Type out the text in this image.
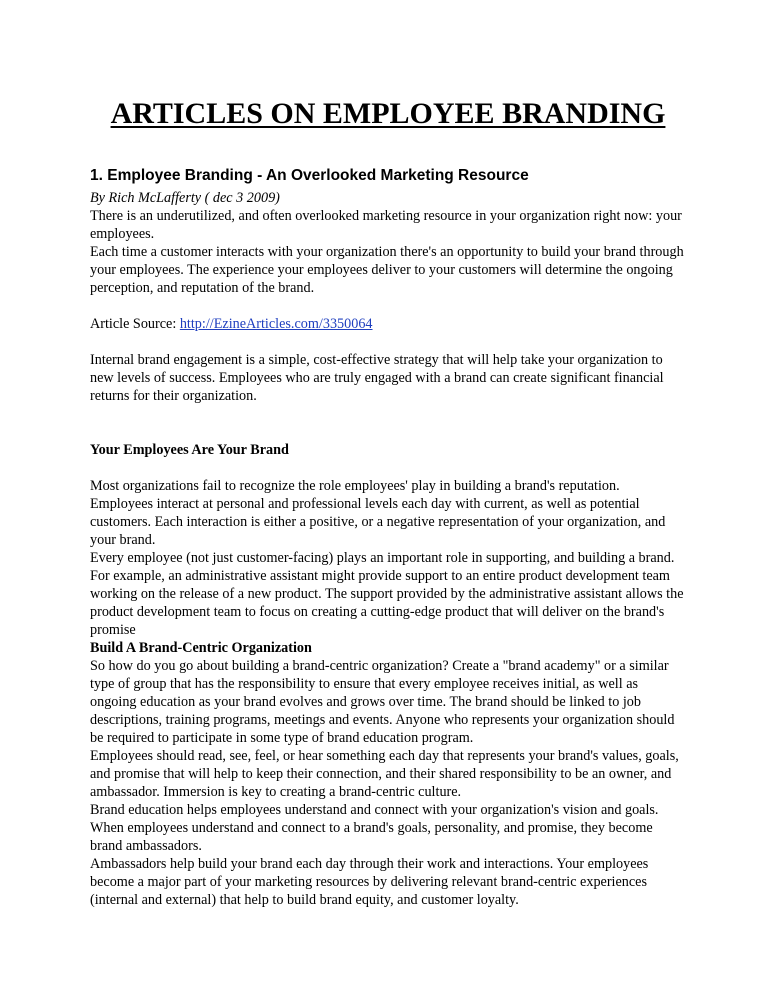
ARTICLES ON EMPLOYEE BRANDING
1. Employee Branding - An Overlooked Marketing Resource

By Rich McLafferty ( dec 3 2009)

There is an underutilized, and often overlooked marketing resource in your organization right now: your employees.

Each time a customer interacts with your organization there's an opportunity to build your brand through your employees. The experience your employees deliver to your customers will determine the ongoing perception, and reputation of the brand.

Article Source: http://EzineArticles.com/3350064

Internal brand engagement is a simple, cost-effective strategy that will help take your organization to new levels of success. Employees who are truly engaged with a brand can create significant financial returns for their organization.

Your Employees Are Your Brand

Most organizations fail to recognize the role employees' play in building a brand's reputation. Employees interact at personal and professional levels each day with current, as well as potential customers. Each interaction is either a positive, or a negative representation of your organization, and your brand.

Every employee (not just customer-facing) plays an important role in supporting, and building a brand. For example, an administrative assistant might provide support to an entire product development team working on the release of a new product. The support provided by the administrative assistant allows the product development team to focus on creating a cutting-edge product that will deliver on the brand's promise

Build A Brand-Centric Organization

So how do you go about building a brand-centric organization? Create a "brand academy" or a similar type of group that has the responsibility to ensure that every employee receives initial, as well as ongoing education as your brand evolves and grows over time. The brand should be linked to job descriptions, training programs, meetings and events. Anyone who represents your organization should be required to participate in some type of brand education program.

Employees should read, see, feel, or hear something each day that represents your brand's values, goals, and promise that will help to keep their connection, and their shared responsibility to be an owner, and ambassador. Immersion is key to creating a brand-centric culture.

Brand education helps employees understand and connect with your organization's vision and goals. When employees understand and connect to a brand's goals, personality, and promise, they become brand ambassadors.

Ambassadors help build your brand each day through their work and interactions. Your employees become a major part of your marketing resources by delivering relevant brand-centric experiences (internal and external) that help to build brand equity, and customer loyalty.
